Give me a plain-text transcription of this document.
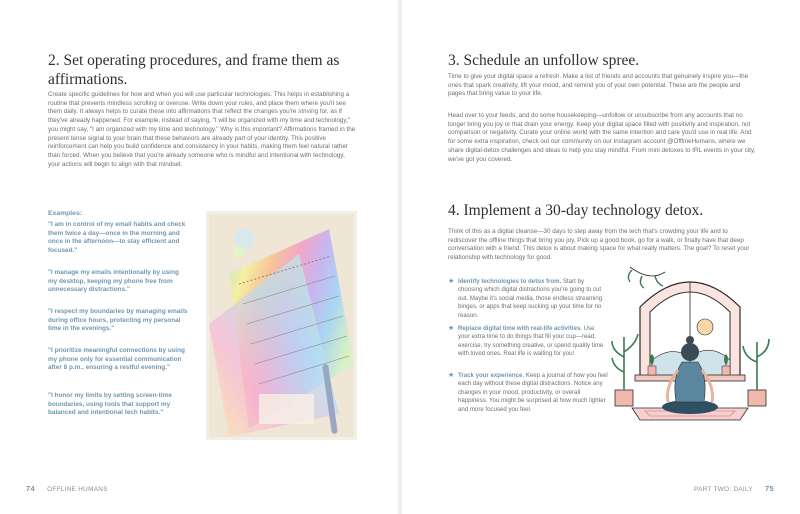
2. Set operating procedures, and frame them as affirmations.

Create specific guidelines for how and when you will use particular technologies. This helps in establishing a routine that prevents mindless scrolling or overuse. Write down your rules, and place them where you'll see them daily. It always helps to curate these into affirmations that reflect the changes you're striving for, as if they've already happened. For example, instead of saying, "I will be organized with my time and technology," you might say, "I am organized with my time and technology." Why is this important? Affirmations framed in the present tense signal to your brain that these behaviors are already part of your identity. This positive reinforcement can help you build confidence and consistency in your habits, making them feel natural rather than forced. When you believe that you're already someone who is mindful and intentional with technology, your actions will begin to align with that mindset.

Examples:

"I am in control of my email habits and check them twice a day—once in the morning and once in the afternoon—to stay efficient and focused."

"I manage my emails intentionally by using my desktop, keeping my phone free from unnecessary distractions."

"I respect my boundaries by managing emails during office hours, protecting my personal time in the evenings."

"I prioritize meaningful connections by using my phone only for essential communication after 8 p.m., ensuring a restful evening."

"I honor my limits by setting screen-time boundaries, using tools that support my balanced and intentional tech habits."

74 OFFLINE HUMANS
3. Schedule an unfollow spree.

Time to give your digital space a refresh. Make a list of friends and accounts that genuinely inspire you—the ones that spark creativity, lift your mood, and remind you of your own potential. These are the people and pages that bring value to your life.

Head over to your feeds, and do some housekeeping—unfollow or unsubscribe from any accounts that no longer bring you joy or that drain your energy. Keep your digital space filled with positivity and inspiration, not comparison or negativity. Curate your online world with the same intention and care you'd use in real life. And for some extra inspiration, check out our community on our Instagram account @OfflineHumans, where we share digital-detox challenges and ideas to help you stay mindful. From mini detoxes to IRL events in your city, we've got you covered.

4. Implement a 30-day technology detox.

Think of this as a digital cleanse—30 days to step away from the tech that's crowding your life and to rediscover the offline things that bring you joy. Pick up a good book, go for a walk, or finally have that deep conversation with a friend. This detox is about making space for what really matters. The goal? To reset your relationship with technology for good.

★ Identify technologies to detox from. Start by choosing which digital distractions you're going to cut out. Maybe it's social media, those endless streaming binges, or apps that keep sucking up your time for no reason.
★ Replace digital time with real-life activities. Use your extra time to do things that fill your cup—read, exercise, try something creative, or spend quality time with loved ones. Real life is waiting for you!
★ Track your experience. Keep a journal of how you feel each day without these digital distractions. Notice any changes in your mood, productivity, or overall happiness. You might be surprised at how much lighter and more focused you feel.
PART TWO: DAILY 75
